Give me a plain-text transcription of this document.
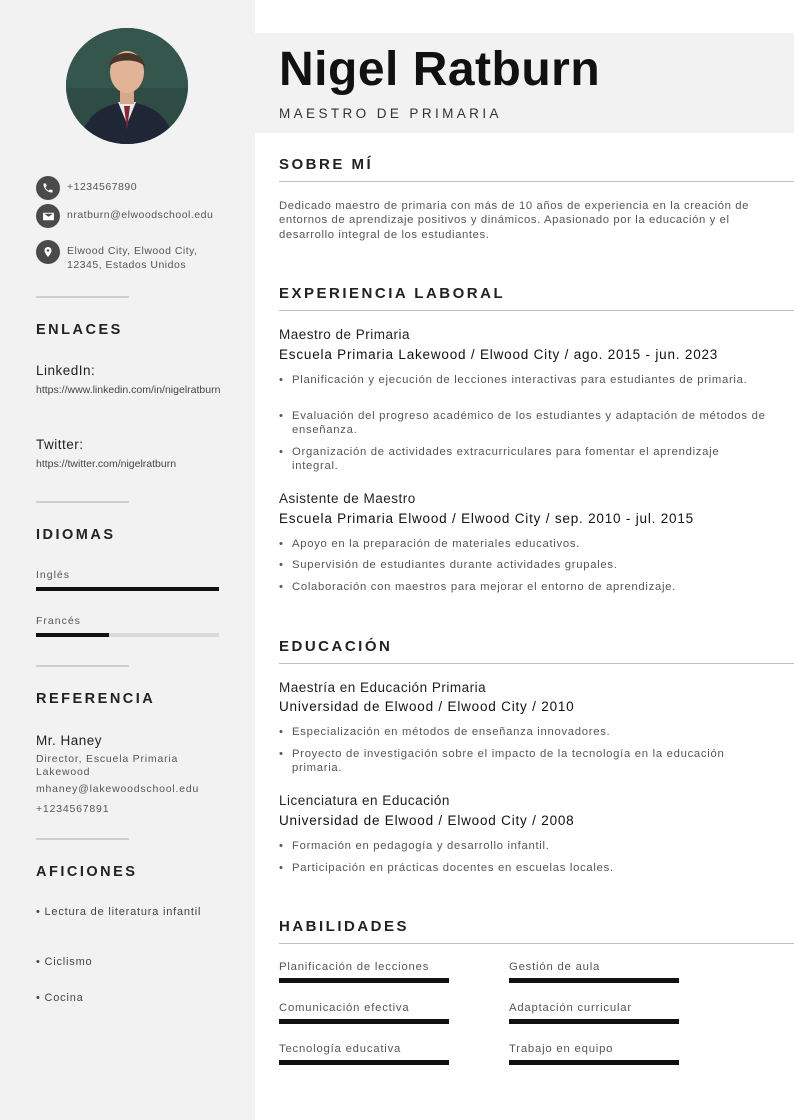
+1234567890
nratburn@elwoodschool.edu
Elwood City, Elwood City, 12345, Estados Unidos
ENLACES
LinkedIn:
https://www.linkedin.com/in/nigelratburn
Twitter:
https://twitter.com/nigelratburn
IDIOMAS
Inglés
Francés
REFERENCIA
Mr. Haney
Director, Escuela Primaria Lakewood
mhaney@lakewoodschool.edu
+1234567891
AFICIONES
• Lectura de literatura infantil
• Ciclismo
• Cocina
Nigel Ratburn
MAESTRO DE PRIMARIA
SOBRE MÍ
Dedicado maestro de primaria con más de 10 años de experiencia en la creación de entornos de aprendizaje positivos y dinámicos. Apasionado por la educación y el desarrollo integral de los estudiantes.
EXPERIENCIA LABORAL
Maestro de Primaria
Escuela Primaria Lakewood / Elwood City / ago. 2015 - jun. 2023
• Planificación y ejecución de lecciones interactivas para estudiantes de primaria.
• Evaluación del progreso académico de los estudiantes y adaptación de métodos de enseñanza.
• Organización de actividades extracurriculares para fomentar el aprendizaje integral.
Asistente de Maestro
Escuela Primaria Elwood / Elwood City / sep. 2010 - jul. 2015
• Apoyo en la preparación de materiales educativos.
• Supervisión de estudiantes durante actividades grupales.
• Colaboración con maestros para mejorar el entorno de aprendizaje.
EDUCACIÓN
Maestría en Educación Primaria
Universidad de Elwood / Elwood City / 2010
• Especialización en métodos de enseñanza innovadores.
• Proyecto de investigación sobre el impacto de la tecnología en la educación primaria.
Licenciatura en Educación
Universidad de Elwood / Elwood City / 2008
• Formación en pedagogía y desarrollo infantil.
• Participación en prácticas docentes en escuelas locales.
HABILIDADES
Planificación de lecciones	Gestión de aula
Comunicación efectiva	Adaptación curricular
Tecnología educativa	Trabajo en equipo
